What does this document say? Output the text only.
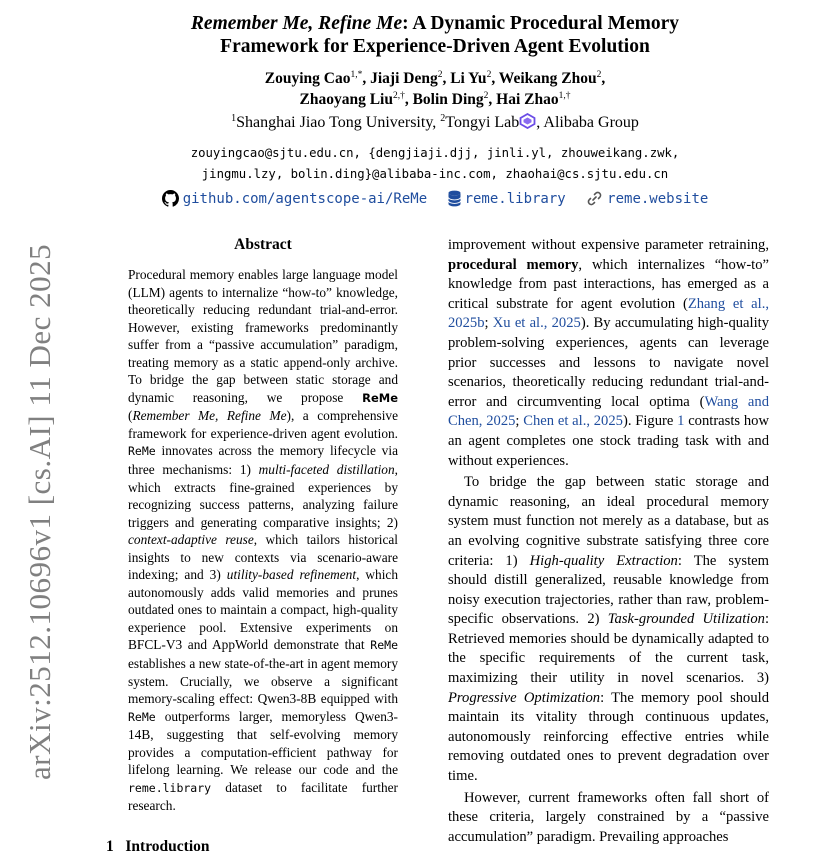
arXiv:2512.10696v1 [cs.AI] 11 Dec 2025
Remember Me, Refine Me: A Dynamic Procedural Memory
Framework for Experience-Driven Agent Evolution
Zouying Cao$^{1,*}$, Jiaji Deng$^2$, Li Yu$^2$, Weikang Zhou$^2$,
Zhaoyang Liu$^{2,\dagger}$, Bolin Ding$^2$, Hai Zhao$^{1,\dagger}$
$^1$Shanghai Jiao Tong University, $^2$Tongyi Lab , Alibaba Group
zouyingcao@sjtu.edu.cn, {dengjiaji.djj, jinli.yl, zhouweikang.zwk,
jingmu.lzy, bolin.ding}@alibaba-inc.com, zhaohai@cs.sjtu.edu.cn
github.com/agentscope-ai/ReMe
	reme.library
	reme.website
Abstract

Procedural memory enables large language model (LLM) agents to internalize “how-to” knowledge, theoretically reducing redundant trial-and-error. However, existing frameworks predominantly suffer from a “passive accumulation” paradigm, treating memory as a static append-only archive. To bridge the gap between static storage and dynamic reasoning, we propose ReMe (Remember Me, Refine Me), a comprehensive framework for experience-driven agent evolution. ReMe innovates across the memory lifecycle via three mechanisms: 1) multi-faceted distillation, which extracts fine-grained experiences by recognizing success patterns, analyzing failure triggers and generating comparative insights; 2) context-adaptive reuse, which tailors historical insights to new contexts via scenario-aware indexing; and 3) utility-based refinement, which autonomously adds valid memories and prunes outdated ones to maintain a compact, high-quality experience pool. Extensive experiments on BFCL-V3 and AppWorld demonstrate that ReMe establishes a new state-of-the-art in agent memory system. Crucially, we observe a significant memory-scaling effect: Qwen3-8B equipped with ReMe outperforms larger, memoryless Qwen3-14B, suggesting that self-evolving memory provides a computation-efficient pathway for lifelong learning. We release our code and the reme.library dataset to facilitate further research.

improvement without expensive parameter retraining, procedural memory, which internalizes “how-to” knowledge from past interactions, has emerged as a critical substrate for agent evolution (Zhang et al., 2025b; Xu et al., 2025). By accumulating high-quality problem-solving experiences, agents can leverage prior successes and lessons to navigate novel scenarios, theoretically reducing redundant trial-and-error and circumventing local optima (Wang and Chen, 2025; Chen et al., 2025). Figure 1 contrasts how an agent completes one stock trading task with and without experiences.

To bridge the gap between static storage and dynamic reasoning, an ideal procedural memory system must function not merely as a database, but as an evolving cognitive substrate satisfying three core criteria: 1) High-quality Extraction: The system should distill generalized, reusable knowledge from noisy execution trajectories, rather than raw, problem-specific observations. 2) Task-grounded Utilization: Retrieved memories should be dynamically adapted to the specific requirements of the current task, maximizing their utility in novel scenarios. 3) Progressive Optimization: The memory pool should maintain its vitality through continuous updates, autonomously reinforcing effective entries while removing outdated ones to prevent degradation over time.

However, current frameworks often fall short of these criteria, largely constrained by a “passive accumulation” paradigm. Prevailing approaches

1 Introduction
